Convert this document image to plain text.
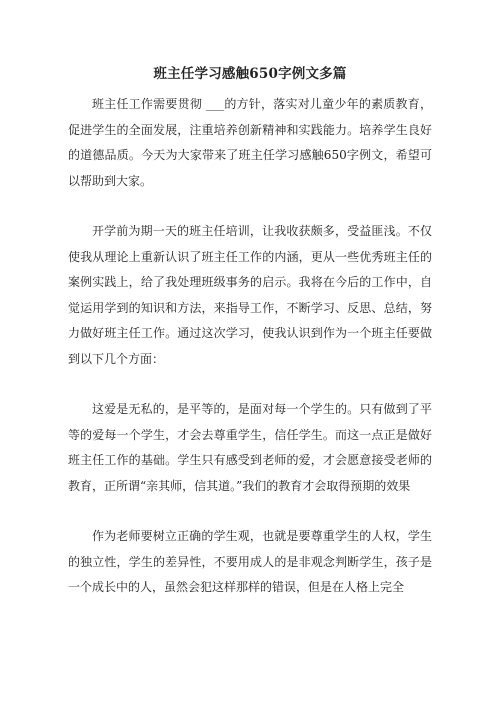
班主任学习感触650字例文多篇

班主任工作需要贯彻 ___的方针，落实对儿童少年的素质教育，促进学生的全面发展，注重培养创新精神和实践能力。培养学生良好的道德品质。今天为大家带来了班主任学习感触650字例文，希望可以帮助到大家。

开学前为期一天的班主任培训，让我收获颇多，受益匪浅。不仅使我从理论上重新认识了班主任工作的内涵，更从一些优秀班主任的案例实践上，给了我处理班级事务的启示。我将在今后的工作中，自觉运用学到的知识和方法，来指导工作，不断学习、反思、总结，努力做好班主任工作。通过这次学习，使我认识到作为一个班主任要做到以下几个方面：

这爱是无私的，是平等的，是面对每一个学生的。只有做到了平等的爱每一个学生，才会去尊重学生，信任学生。而这一点正是做好班主任工作的基础。学生只有感受到老师的爱，才会愿意接受老师的教育，正所谓“亲其师，信其道。”我们的教育才会取得预期的效果

作为老师要树立正确的学生观，也就是要尊重学生的人权，学生的独立性，学生的差异性，不要用成人的是非观念判断学生，孩子是一个成长中的人，虽然会犯这样那样的错误，但是在人格上完全
